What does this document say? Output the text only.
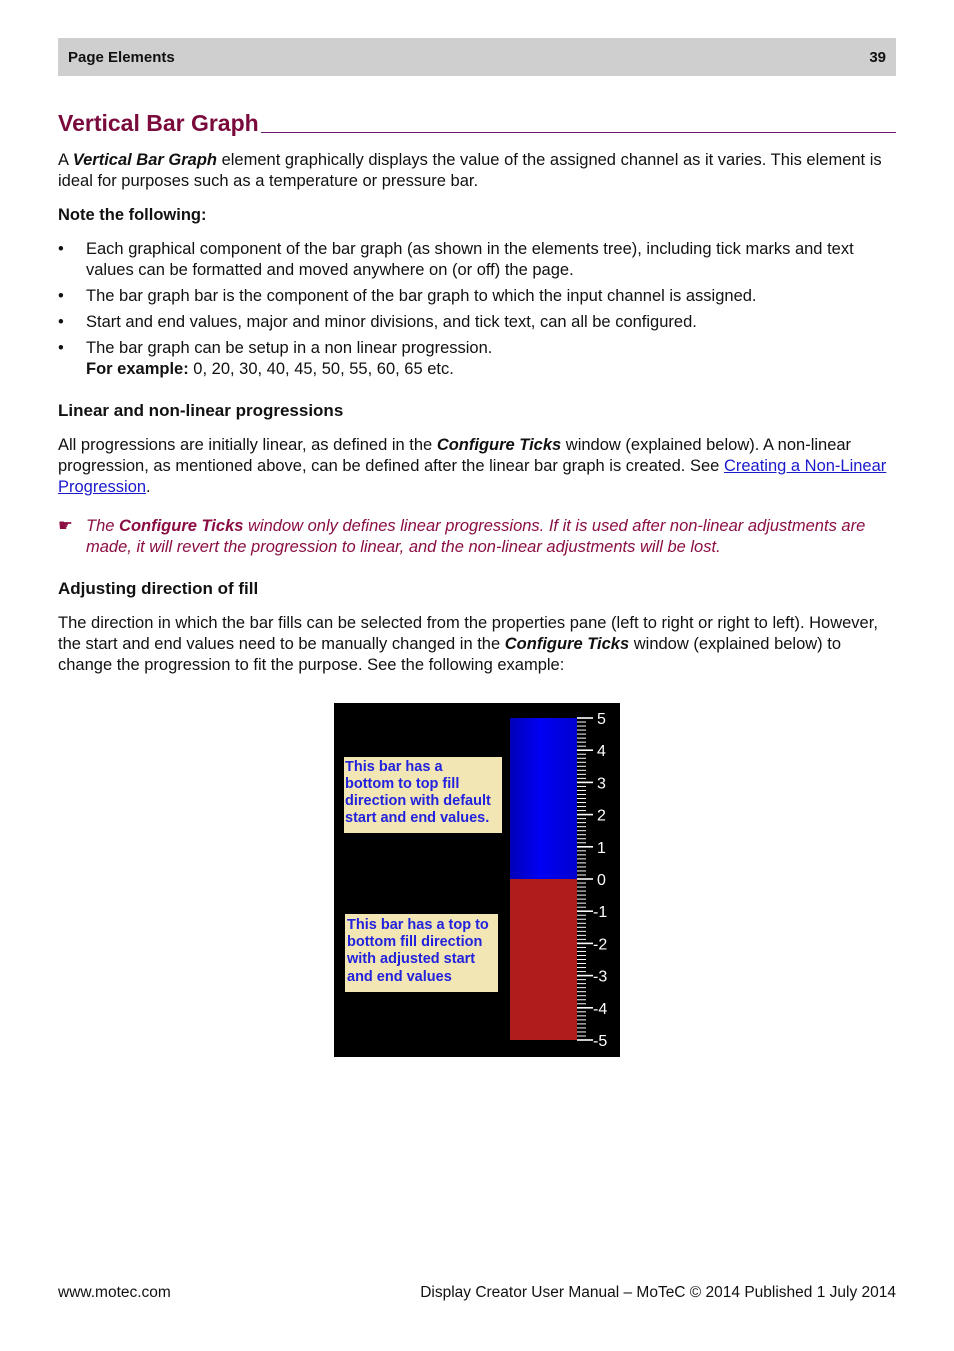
Page Elements	39
Vertical Bar Graph

A Vertical Bar Graph element graphically displays the value of the assigned channel as it varies. This element is ideal for purposes such as a temperature or pressure bar.

Note the following:

• Each graphical component of the bar graph (as shown in the elements tree), including tick marks and text values can be formatted and moved anywhere on (or off) the page.
• The bar graph bar is the component of the bar graph to which the input channel is assigned.
• Start and end values, major and minor divisions, and tick text, can all be configured.
• The bar graph can be setup in a non linear progression.
For example: 0, 20, 30, 40, 45, 50, 55, 60, 65 etc.
Linear and non-linear progressions

All progressions are initially linear, as defined in the Configure Ticks window (explained below). A non-linear progression, as mentioned above, can be defined after the linear bar graph is created. See Creating a Non-Linear Progression.

☛ The Configure Ticks window only defines linear progressions. If it is used after non-linear adjustments are made, it will revert the progression to linear, and the non-linear adjustments will be lost.
Adjusting direction of fill

The direction in which the bar fills can be selected from the properties pane (left to right or right to left). However, the start and end values need to be manually changed in the Configure Ticks window (explained below) to change the progression to fit the purpose. See the following example:

5
4
3
2
1
0
-1
-2
-3
-4
-5
This bar has a
bottom to top fill
direction with default
start and end values.
This bar has a top to
bottom fill direction
with adjusted start
and end values
www.motec.com	Display Creator User Manual – MoTeC © 2014 Published 1 July 2014
